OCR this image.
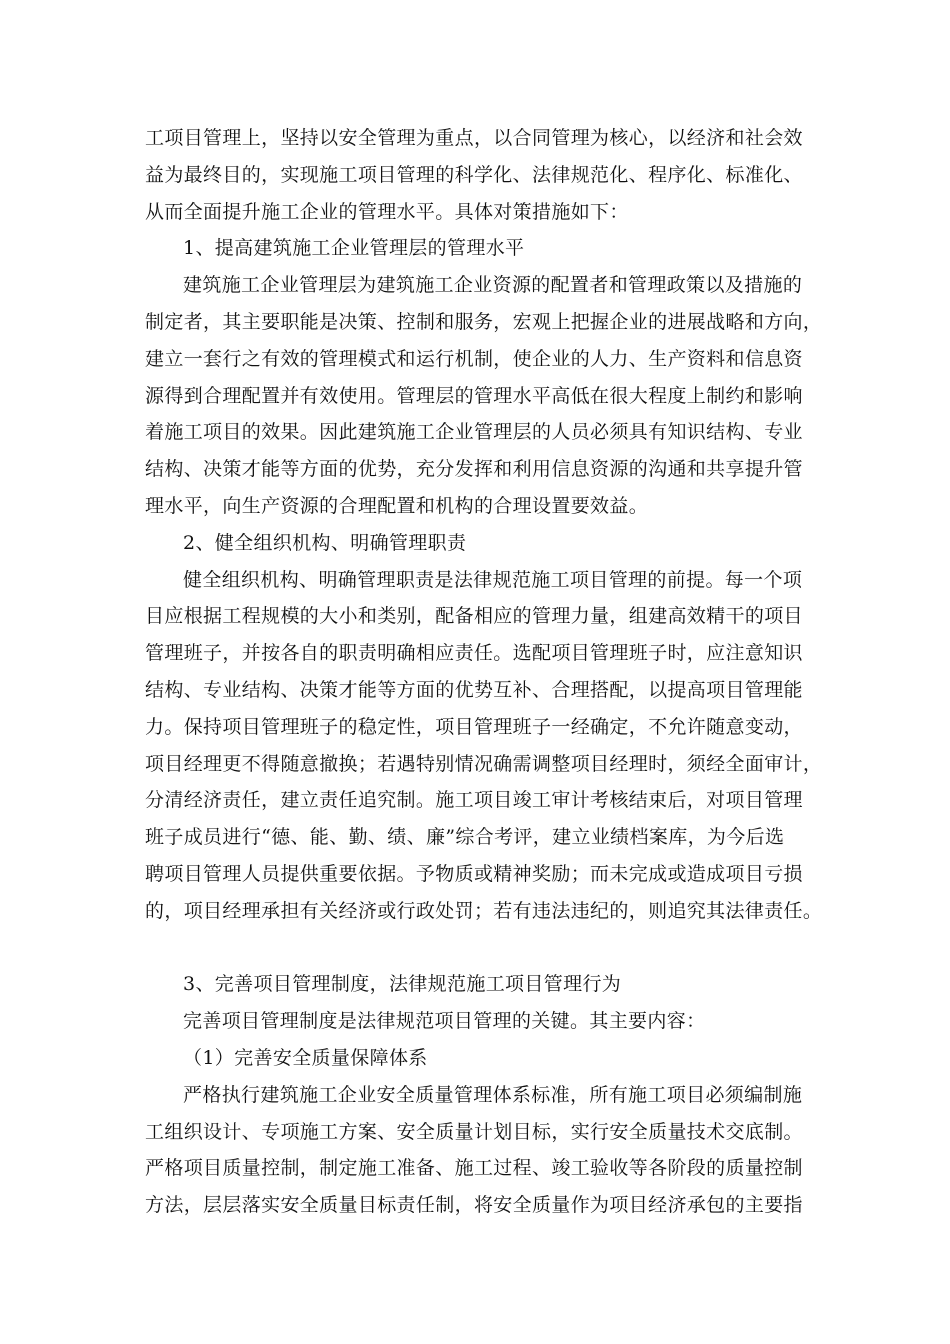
工项目管理上，坚持以安全管理为重点，以合同管理为核心，以经济和社会效
益为最终目的，实现施工项目管理的科学化、法律规范化、程序化、标准化、
从而全面提升施工企业的管理水平。具体对策措施如下：
1、提高建筑施工企业管理层的管理水平
建筑施工企业管理层为建筑施工企业资源的配置者和管理政策以及措施的
制定者，其主要职能是决策、控制和服务，宏观上把握企业的进展战略和方向，
建立一套行之有效的管理模式和运行机制，使企业的人力、生产资料和信息资
源得到合理配置并有效使用。管理层的管理水平高低在很大程度上制约和影响
着施工项目的效果。因此建筑施工企业管理层的人员必须具有知识结构、专业
结构、决策才能等方面的优势，充分发挥和利用信息资源的沟通和共享提升管
理水平，向生产资源的合理配置和机构的合理设置要效益。
2、健全组织机构、明确管理职责
健全组织机构、明确管理职责是法律规范施工项目管理的前提。每一个项
目应根据工程规模的大小和类别，配备相应的管理力量，组建高效精干的项目
管理班子，并按各自的职责明确相应责任。选配项目管理班子时，应注意知识
结构、专业结构、决策才能等方面的优势互补、合理搭配，以提高项目管理能
力。保持项目管理班子的稳定性，项目管理班子一经确定，不允许随意变动，
项目经理更不得随意撤换；若遇特别情况确需调整项目经理时，须经全面审计，
分清经济责任，建立责任追究制。施工项目竣工审计考核结束后，对项目管理
班子成员进行“德、能、勤、绩、廉”综合考评，建立业绩档案库，为今后选
聘项目管理人员提供重要依据。予物质或精神奖励；而未完成或造成项目亏损
的，项目经理承担有关经济或行政处罚；若有违法违纪的，则追究其法律责任。
3、完善项目管理制度，法律规范施工项目管理行为
完善项目管理制度是法律规范项目管理的关键。其主要内容：
（1）完善安全质量保障体系
严格执行建筑施工企业安全质量管理体系标准，所有施工项目必须编制施
工组织设计、专项施工方案、安全质量计划目标，实行安全质量技术交底制。
严格项目质量控制，制定施工准备、施工过程、竣工验收等各阶段的质量控制
方法，层层落实安全质量目标责任制，将安全质量作为项目经济承包的主要指
